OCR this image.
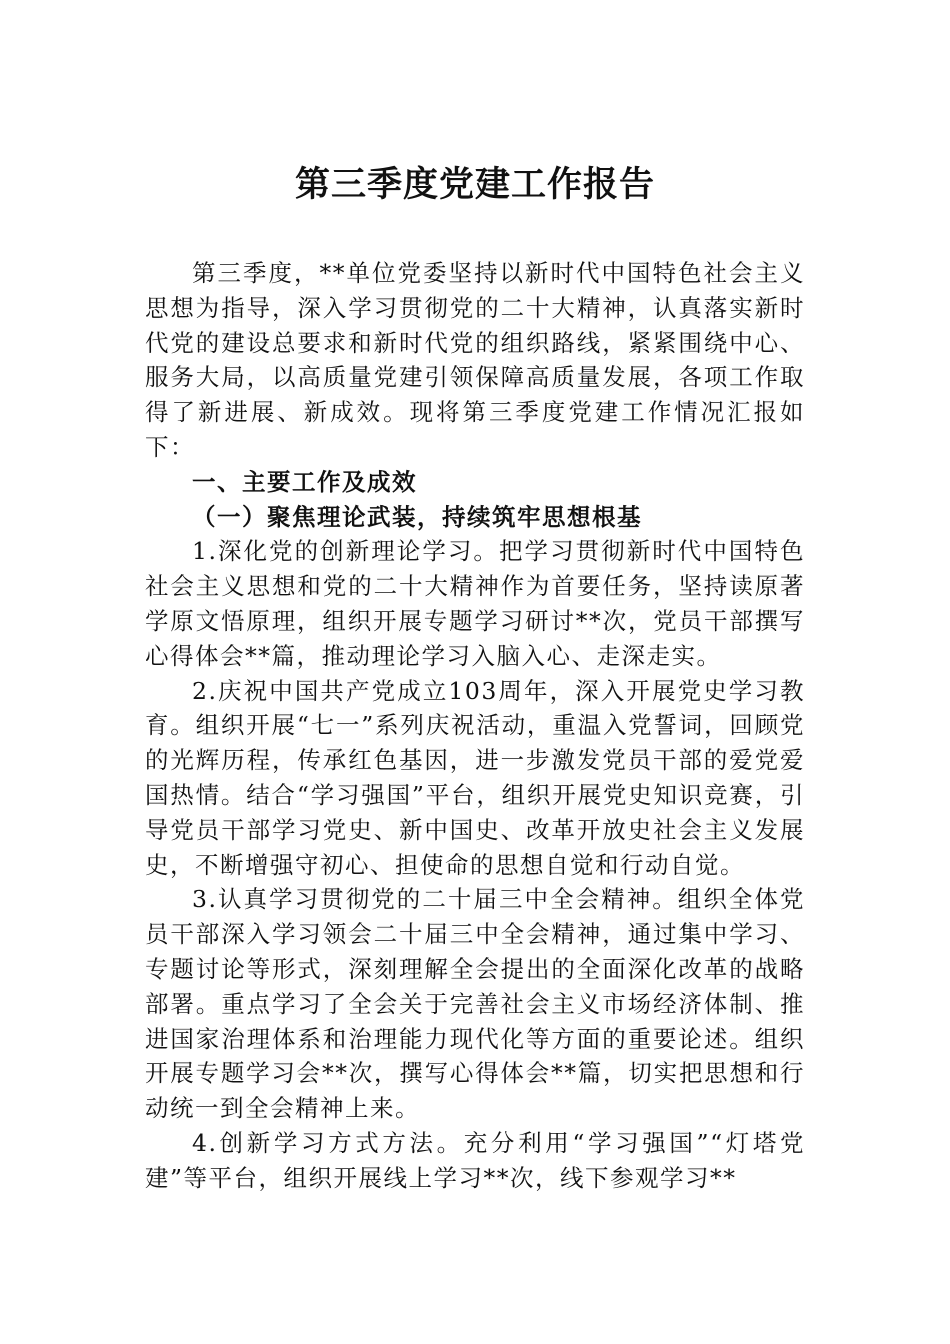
第三季度党建工作报告

第三季度，**单位党委坚持以新时代中国特色社会主义思想为指导，深入学习贯彻党的二十大精神，认真落实新时代党的建设总要求和新时代党的组织路线，紧紧围绕中心、服务大局，以高质量党建引领保障高质量发展，各项工作取得了新进展、新成效。现将第三季度党建工作情况汇报如下：

一、主要工作及成效
（一）聚焦理论武装，持续筑牢思想根基

1.深化党的创新理论学习。把学习贯彻新时代中国特色社会主义思想和党的二十大精神作为首要任务，坚持读原著学原文悟原理，组织开展专题学习研讨**次，党员干部撰写心得体会**篇，推动理论学习入脑入心、走深走实。

2.庆祝中国共产党成立103周年，深入开展党史学习教育。组织开展“七一”系列庆祝活动，重温入党誓词，回顾党的光辉历程，传承红色基因，进一步激发党员干部的爱党爱国热情。结合“学习强国”平台，组织开展党史知识竞赛，引导党员干部学习党史、新中国史、改革开放史社会主义发展史，不断增强守初心、担使命的思想自觉和行动自觉。

3.认真学习贯彻党的二十届三中全会精神。组织全体党员干部深入学习领会二十届三中全会精神，通过集中学习、专题讨论等形式，深刻理解全会提出的全面深化改革的战略部署。重点学习了全会关于完善社会主义市场经济体制、推进国家治理体系和治理能力现代化等方面的重要论述。组织开展专题学习会**次，撰写心得体会**篇，切实把思想和行动统一到全会精神上来。

4.创新学习方式方法。充分利用“学习强国”“灯塔党建”等平台，组织开展线上学习**次，线下参观学习**
